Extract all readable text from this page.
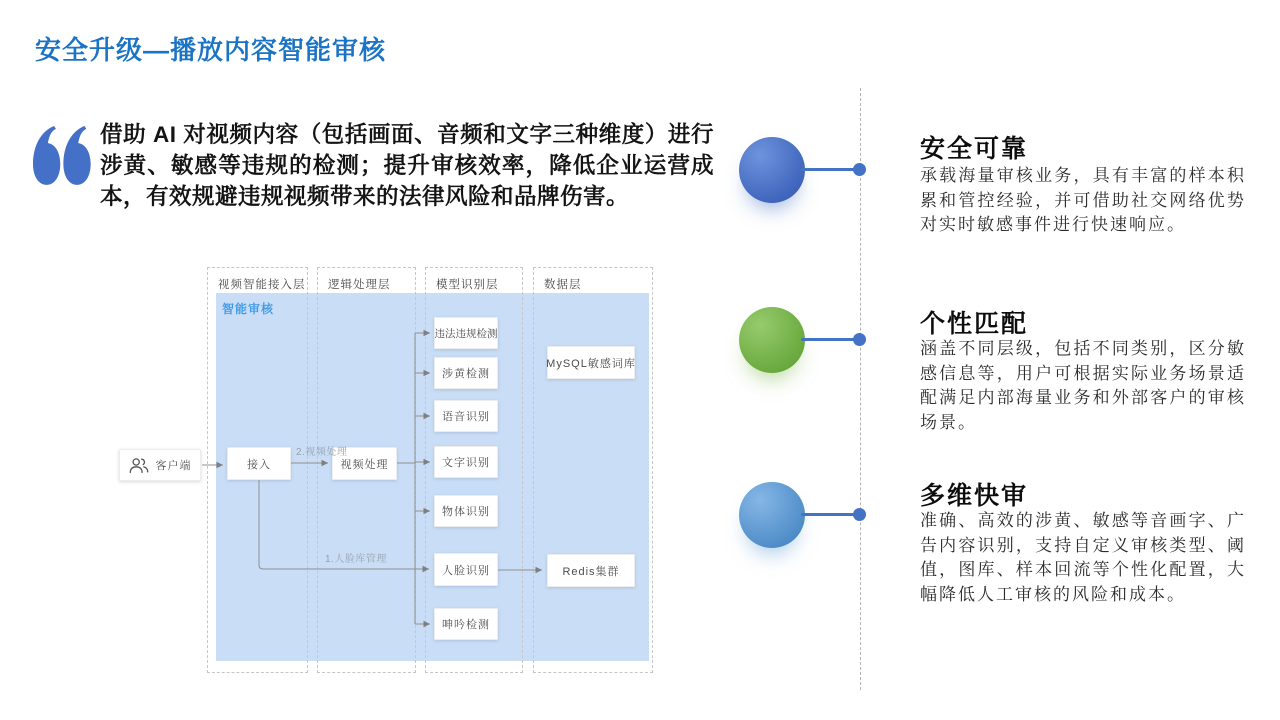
安全升级—播放内容智能审核

借助 AI 对视频内容（包括画面、音频和文字三种维度）进行涉黄、敏感等违规的检测；提升审核效率，降低企业运营成本，有效规避违规视频带来的法律风险和品牌伤害。

智能审核
视频智能接入层	逻辑处理层	模型识别层	数据层
客户端	接入	视频处理
违法违规检测
涉黄检测
语音识别
文字识别
物体识别
人脸识别
呻吟检测
MySQL敏感词库
Redis集群
2.视频处理
1.人脸库管理
安全可靠

承载海量审核业务，具有丰富的样本积累和管控经验，并可借助社交网络优势对实时敏感事件进行快速响应。

个性匹配

涵盖不同层级，包括不同类别，区分敏感信息等，用户可根据实际业务场景适配满足内部海量业务和外部客户的审核场景。

多维快审

准确、高效的涉黄、敏感等音画字、广告内容识别，支持自定义审核类型、阈值，图库、样本回流等个性化配置，大幅降低人工审核的风险和成本。
